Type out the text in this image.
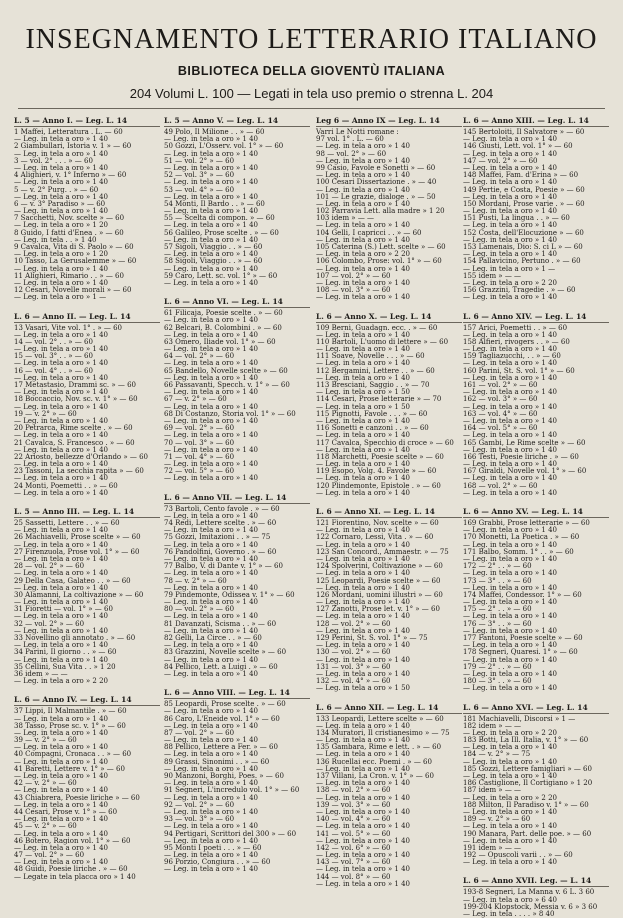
INSEGNAMENTO LETTERARIO ITALIANO
BIBLIOTECA DELLA GIOVENTÙ ITALIANA
204 Volumi L. 100 — Legati in tela uso premio o strenna L. 204
L. 5 — Anno I. — Leg. L. 14
1 Maffei, Letteratura . L. — 60
— Leg. in tela a oro » 1 40
2 Giambullari, Istoria v. 1 » — 60
— Leg. in tela a oro » 1 40
3 — vol. 2° . . . » — 60
— Leg. in tela a oro » 1 40
4 Alighieri, v. 1° Inferno » — 60
— Leg. in tela a oro » 1 40
5 — v. 2° Purg. . » — 60
— Leg. in tela a oro » 1 40
6 — v. 3° Paradiso » — 60
— Leg. in tela a oro » 1 40
7 Sacchetti, Nov. scelte » — 60
— Leg. in tela a oro » 1 20
8 Guido, I fatti d'Enea . » — 60
— Leg. in tela . . » 1 40
9 Cavalca, Vita di S. Paolo » — 60
— Leg. in tela a oro » 1 20
10 Tasso, La Gerusalemme » — 60
— Leg. in tela a oro » 1 40
11 Alighieri, Rimario . . » — 60
— Leg. in tela a oro » 1 40
12 Cesari, Novelle morali » — 60
— Leg. in tela a oro » 1 —
L. 6 — Anno II. — Leg. L. 14
13 Vasari, Vite vol. 1° . » — 60
— Leg. in tela a oro » 1 40
14 — vol. 2° . . » — 60
— Leg. in tela a oro » 1 40
15 — vol. 3° . . » — 60
— Leg. in tela a oro » 1 40
16 — vol. 4° . . » — 60
— Leg. in tela a oro » 1 40
17 Metastasio, Drammi sc. » — 60
— Leg. in tela a oro » 1 40
18 Boccaccio, Nov. sc. v. 1° » — 60
— Leg. in tela a oro » 1 40
19 — v. 2° » — 60
— Leg. in tela a oro » 1 40
20 Petrarca, Rime scelte . » — 60
— Leg. in tela a oro » 1 40
21 Cavalca, S. Francesco . » — 60
— Leg. in tela a oro » 1 40
22 Ariosto, bellezze d'Orlando » — 60
— Leg. in tela a oro » 1 40
23 Tassoni, La secchia rapita » — 60
— Leg. in tela a oro » 1 40
24 Monti, Poemetti . . » — 60
— Leg. in tela a oro » 1 40
L. 5 — Anno III. — Leg. L. 14
25 Sassetti, Lettere . . » — 60
— Leg. in tela a oro » 1 40
26 Machiavelli, Prose scelte » — 60
— Leg. in tela a oro » 1 40
27 Firenzuola, Prose vol. 1° » — 60
— Leg. in tela a oro » 1 40
28 — vol. 2° » — 60
— Leg. in tela a oro » 1 40
29 Della Casa, Galateo . . » — 60
— Leg. in tela a oro » 1 40
30 Alamanni, La coltivazione » — 60
— Leg. in tela a oro » 1 40
31 Fioretti — vol. 1° » — 60
— Leg. in tela a oro » 1 40
32 — vol. 2° » — 60
— Leg. in tela a oro » 1 40
33 Novellino gli annotato . » — 60
— Leg. in tela a oro » 1 40
34 Parini, Il giorno . . » — 60
— Leg. in tela a oro » 1 40
35 Cellini, Sua Vita . . » 1 20
36 idem » — —
— Leg. in tela a oro » 2 20
L. 6 — Anno IV. — Leg. L. 14
37 Lippi, Il Malmantile . » — 60
— Leg. in tela a oro » 1 40
38 Tasso, Prose sc. v. 1° » — 60
— Leg. in tela a oro » 1 40
39 — v. 2° » — 60
— Leg. in tela a oro » 1 40
40 Compagni, Cronaca . . » — 60
— Leg. in tela a oro » 1 40
41 Baretti, Lettere v. 1° » — 60
— Leg. in tela a oro » 1 40
42 — v. 2° » — 60
— Leg. in tela a oro » 1 40
43 Chiabrera, Poesie liriche » — 60
— Leg. in tela a oro » 1 40
44 Cesari, Prose v. 1° » — 60
— Leg. in tela a oro » 1 40
45 — v. 2° » — 60
— Leg. in tela a oro » 1 40
46 Botero, Ragion vol. 1° » — 60
— Leg. in tela a oro » 1 40
47 — vol. 2° » — 60
— Leg. in tela a oro » 1 40
48 Guidi, Poesie liriche . » — 60
— Legate in tela placca oro » 1 40
L. 5 — Anno V. — Leg. L. 14
49 Polo, Il Milione . . » — 60
— Leg. in tela a oro » 1 40
50 Gozzi, L'Osserv. vol. 1° » — 60
— Leg. in tela a oro » 1 40
51 — vol. 2° » — 60
— Leg. in tela a oro » 1 40
52 — vol. 3° » — 60
— Leg. in tela a oro » 1 40
53 — vol. 4° » — 60
— Leg. in tela a oro » 1 40
54 Monti, Il Bardo . . » — 60
— Leg. in tela a oro » 1 40
55 — Scelta di compon. » — 60
— Leg. in tela a oro » 1 40
56 Galileo, Prose scelte . » — 60
— Leg. in tela a oro » 1 40
57 Sigoli, Viaggio . . » — 60
— Leg. in tela a oro » 1 40
58 Sigoli, Viaggio . . » — 60
— Leg. in tela a oro » 1 40
59 Caro, Lett. sc. vol. 1° » — 60
— Leg. in tela a oro » 1 40
L. 6 — Anno VI. — Leg. L. 14
61 Filicaja, Poesie scelte . » — 60
— Leg. in tela a oro » 1 40
62 Belcari, B. Colombini . » — 60
— Leg. in tela a oro » 1 40
63 Omero, Iliade vol. 1° » — 60
— Leg. in tela a oro » 1 40
64 — vol. 2° » — 60
— Leg. in tela a oro » 1 40
65 Bandello, Novelle scelte » — 60
— Leg. in tela a oro » 1 40
66 Passavanti, Specch. v. 1° » — 60
— Leg. in tela a oro » 1 40
67 — v. 2° » — 60
— Leg. in tela a oro » 1 40
68 Di Costanzo, Storia vol. 1° » — 60
— Leg. in tela a oro » 1 40
69 — vol. 2° » — 60
— Leg. in tela a oro » 1 40
70 — vol. 3° » — 60
— Leg. in tela a oro » 1 40
71 — vol. 4° » — 60
— Leg. in tela a oro » 1 40
72 — vol. 5° » — 60
— Leg. in tela a oro » 1 40
L. 6 — Anno VII. — Leg. L. 14
73 Bartoli, Cento favole . » — 60
— Leg. in tela a oro » 1 40
74 Redi, Lettere scelte . » — 60
— Leg. in tela a oro » 1 40
75 Gozzi, Imitazioni . . » — 75
— Leg. in tela a oro » 1 40
76 Pandolfini, Governo . » — 60
— Leg. in tela a oro » 1 40
77 Balbo, V. di Dante v. 1° » — 60
— Leg. in tela a oro » 1 40
78 — v. 2° » — 60
— Leg. in tela a oro » 1 40
79 Pindemonte, Odissea v. 1° » — 60
— Leg. in tela a oro » 1 40
80 — vol. 2° » — 60
— Leg. in tela a oro » 1 40
81 Davanzati, Scisma . . » — 60
— Leg. in tela a oro » 1 40
82 Gelli, La Circe . . » — 60
— Leg. in tela a oro » 1 40
83 Grazzini, Novelle scelte » — 60
— Leg. in tela a oro » 1 40
84 Pellico, Lett. a Luigi . » — 60
— Leg. in tela a oro » 1 40
L. 6 — Anno VIII. — Leg. L. 14
85 Leopardi, Prose scelte . » — 60
— Leg. in tela a oro » 1 40
86 Caro, L'Eneide vol. 1° » — 60
— Leg. in tela a oro » 1 40
87 — vol. 2° » — 60
— Leg. in tela a oro » 1 40
88 Pellico, Lettere a Fer. » — 60
— Leg. in tela a oro » 1 40
89 Grassi, Sinonimi . . » — 60
— Leg. in tela a oro » 1 40
90 Manzoni, Borghi, Poes. » — 60
— Leg. in tela a oro » 1 40
91 Segneri, L'incredulo vol. 1° » — 60
— Leg. in tela a oro » 1 40
92 — vol. 2° » — 60
— Leg. in tela a oro » 1 40
93 — vol. 3° » — 60
— Leg. in tela a oro » 1 40
94 Pertigari, Scrittori del 300 » — 60
— Leg. in tela a oro » 1 40
95 Monti I poeti . . . » — 60
— Leg. in tela a oro » 1 40
96 Porzio, Congiura . . » — 60
— Leg. in tela a oro » 1 40
Leg 6 — Anno IX — Leg. L. 14
Varri Le Notti romane :
97 vol. 1° . L. — 60
— Leg. in tela a oro » 1 40
98 — vol. 2° » — 60
— Leg. in tela a oro » 1 40
99 Casio, Favole e Sonetti » — 60
— Leg. in tela a oro » 1 40
100 Cesari Dissertazione . » — 40
— Leg. in tela a oro » 1 40
101 — Le grazie, dialoge . » — 50
— Leg. in tela a oro » 1 40
102 Parravia Lett. alla madre » 1 20
103 idem » — —
— Leg. in tela a oro » 1 40
104 Gelli, I capricci . . » — 60
— Leg. in tela a oro » 1 40
105 Caterina (S.) Lett. scelte » — 60
— Leg. in tela a oro » 2 20
106 Colombo, Prose: vol. 1° » — 60
— Leg. in tela a oro » 1 40
107 — vol. 2° » — 60
— Leg. in tela a oro » 1 40
108 — vol. 3° » — 60
— Leg. in tela a oro » 1 40
L. 6 — Anno X. — Leg. L. 14
109 Berni, Guadagn. ecc. . » — 60
— Leg. in tela a oro » 1 40
110 Bartoli, L'uomo di lettere » — 60
— Leg. in tela a oro » 1 40
111 Soave, Novelle . . . » — 60
— Leg. in tela a oro » 1 40
112 Bergamini, Lettere . . » — 60
— Leg. in tela a oro » 1 40
113 Bresciani, Saggio . . » — 70
— Leg. in tela a oro » 1 50
114 Cesari, Prose letterarie » — 70
— Leg. in tela a oro » 1 50
115 Pignotti, Favole . . . » — 60
— Leg. in tela a oro » 1 40
116 Sonetti e canzoni . . » — 60
— Leg. in tela a oro » 1 40
117 Cavalca, Specchio di croce » — 60
— Leg. in tela a oro » 1 40
118 Marchetti, Poesie scelte » — 60
— Leg. in tela a oro » 1 40
119 Esopo, Volg. 4. Favole » — 60
— Leg. in tela a oro » 1 40
120 Plindemonte, Epistole . » — 60
— Leg. in tela a oro » 1 40
L. 6 — Anno XI. — Leg. L. 14
121 Fiorentino, Nov. scelte » — 60
— Leg. in tela a oro » 1 40
122 Cornaro, Lessi, Vita . » — 60
— Leg. in tela a oro » 1 40
123 San Concord., Ammaestr. » — 75
— Leg. in tela a oro » 1 40
124 Spolverini, Coltivazione » — 60
— Leg. in tela a oro » 1 40
125 Leopardi, Poesie scelte » — 60
— Leg. in tela a oro » 1 40
126 Mordani, uomini illustri » — 60
— Leg. in tela a oro » 1 40
127 Zanotti, Prose let. v. 1° » — 60
— Leg. in tela a oro » 1 40
128 — vol. 2° » — 60
— Leg. in tela a oro » 1 40
129 Perini, St. S. vol. 1° » — 75
— Leg. in tela a oro » 1 40
130 — vol. 2° » — 60
— Leg. in tela a oro » 1 40
131 — vol. 3° » — 60
— Leg. in tela a oro » 1 40
132 — vol. 4° » — 60
— Leg. in tela a oro » 1 50
L. 6 — Anno XII. — Leg. L. 14
133 Leopardi, Lettere scelte » — 60
— Leg. in tela a oro » 1 40
134 Muratori, Il cristianesimo » — 75
— Leg. in tela a oro » 1 40
135 Gambara, Rime e lett. . » — 60
— Leg. in tela a oro » 1 40
136 Rucellai ecc. Poemi . » — 60
— Leg. in tela a oro » 1 40
137 Villani, La Cron. v. 1° » — 60
— Leg. in tela a oro » 1 40
138 — vol. 2° » — 60
— Leg. in tela a oro » 1 40
139 — vol. 3° » — 60
— Leg. in tela a oro » 1 40
140 — vol. 4° » — 60
— Leg. in tela a oro » 1 40
141 — vol. 5° » — 60
— Leg. in tela a oro » 1 40
142 — vol. 6° » — 60
— Leg. in tela a oro » 1 40
143 — vol. 7° » — 60
— Leg. in tela a oro » 1 40
144 — vol. 8° » — 60
— Leg. in tela a oro » 1 40
L. 6 — Anno XIII. — Leg. L. 14
145 Bertoloiti, Il Salvatore » — 60
— Leg. in tela a oro » 1 40
146 Giusti, Lett. vol. 1° » — 60
— Leg. in tela a oro » 1 40
147 — vol. 2° » — 60
— Leg. in tela a oro » 1 40
148 Maffei, Fam. d'Erina » — 60
— Leg. in tela a oro » 1 40
149 Pertie, e Costa, Poesie » — 60
— Leg. in tela a oro » 1 40
150 Mordani, Prose varie . » — 60
— Leg. in tela a oro » 1 40
151 Pusti, La lingua . . » — 60
— Leg. in tela a oro » 1 40
152 Costa, dell'Elocuzione » — 60
— Leg. in tela a oro » 1 40
153 Lamenais, Dio: S. ci L » — 60
— Leg. in tela a oro » 1 40
154 Pallavicino, Pertuno . » — 60
— Leg. in tela a oro » 1 —
155 idem » — —
— Leg. in tela a oro » 2 20
156 Grazzini, Tragedie . » — 60
— Leg. in tela a oro » 1 40
L. 6 — Anno XIV. — Leg. L. 14
157 Arici, Poemetti . . » — 60
— Leg. in tela a oro » 1 40
158 Alfieri, rivogers . . » — 60
— Leg. in tela a oro » 1 40
159 Tagliazucchi, . . » — 60
— Leg. in tela a oro » 1 40
160 Parini, St. S. vol. 1° » — 60
— Leg. in tela a oro » 1 40
161 — vol. 2° » — 60
— Leg. in tela a oro » 1 40
162 — vol. 3° » — 60
— Leg. in tela a oro » 1 40
163 — vol. 4° » — 60
— Leg. in tela a oro » 1 40
164 — vol. 5° » — 60
— Leg. in tela a oro » 1 40
165 Gambi, Le Rime scelte » — 60
— Leg. in tela a oro » 1 40
166 Testi, Poesie liriche . » — 60
— Leg. in tela a oro » 1 40
167 Giraldi, Novelle vol. 1° » — 60
— Leg. in tela a oro » 1 40
168 — vol. 2° » — 60
— Leg. in tela a oro » 1 40
L. 6 — Anno XV. — Leg. L. 14
169 Grabbi, Prose letterarie » — 60
— Leg. in tela a oro » 1 40
170 Monetti, La Poetica . » — 60
— Leg. in tela a oro » 1 40
171 Balbo, Somm. 1° . . » — 60
— Leg. in tela a oro » 1 40
172 — 2° . . » — 60
— Leg. in tela a oro » 1 40
173 — 3° . . » — 60
— Leg. in tela a oro » 1 40
174 Maffei, Condessor. 1° » — 60
— Leg. in tela a oro » 1 40
175 — 2° . . » — 60
— Leg. in tela a oro » 1 40
176 — 3° . . » — 60
— Leg. in tela a oro » 1 40
177 Fantoni, Poesie scelte » — 60
— Leg. in tela a oro » 1 40
178 Segneri, Quaresi. 1° » — 60
— Leg. in tela a oro » 1 40
179 — 2° . . » — 60
— Leg. in tela a oro » 1 40
180 — 3° . . » — 60
— Leg. in tela a oro » 1 40
L. 6 — Anno XVI. — Leg. L. 14
181 Machiavelli, Discorsi » 1 —
182 idem » — —
— Leg. in tela a oro » 2 20
183 Botti, La Ill. Italia, v. 1° » — 60
— Leg. in tela a oro » 1 40
184 — v. 2° » — 75
— Leg. in tela a oro » 1 40
185 Gozzi, Lettere famigliari » — 60
— Leg. in tela a oro » 1 40
186 Castiglione, Il Cortigiano » 1 20
187 idem » — —
— Leg. in tela a oro » 2 20
188 Milton, Il Paradiso v. 1° » — 60
— Leg. in tela a oro » 1 40
189 — v. 2° » — 60
— Leg. in tela a oro » 1 40
190 Manara, Part. delle poe. » — 60
— Leg. in tela a oro » 1 40
191 idem » — —
192 — Opuscoli varii . . » — 60
— Leg. in tela a oro » 1 40
L. 6 — Anno XVII. Leg. — L. 14
193-8 Segneri, La Manna v. 6 L. 3 60
— Leg. in tela a oro » 6 40
199-204 Klopstock, Messia v. 6 » 3 60
— Leg. in tela . . . . » 8 40
